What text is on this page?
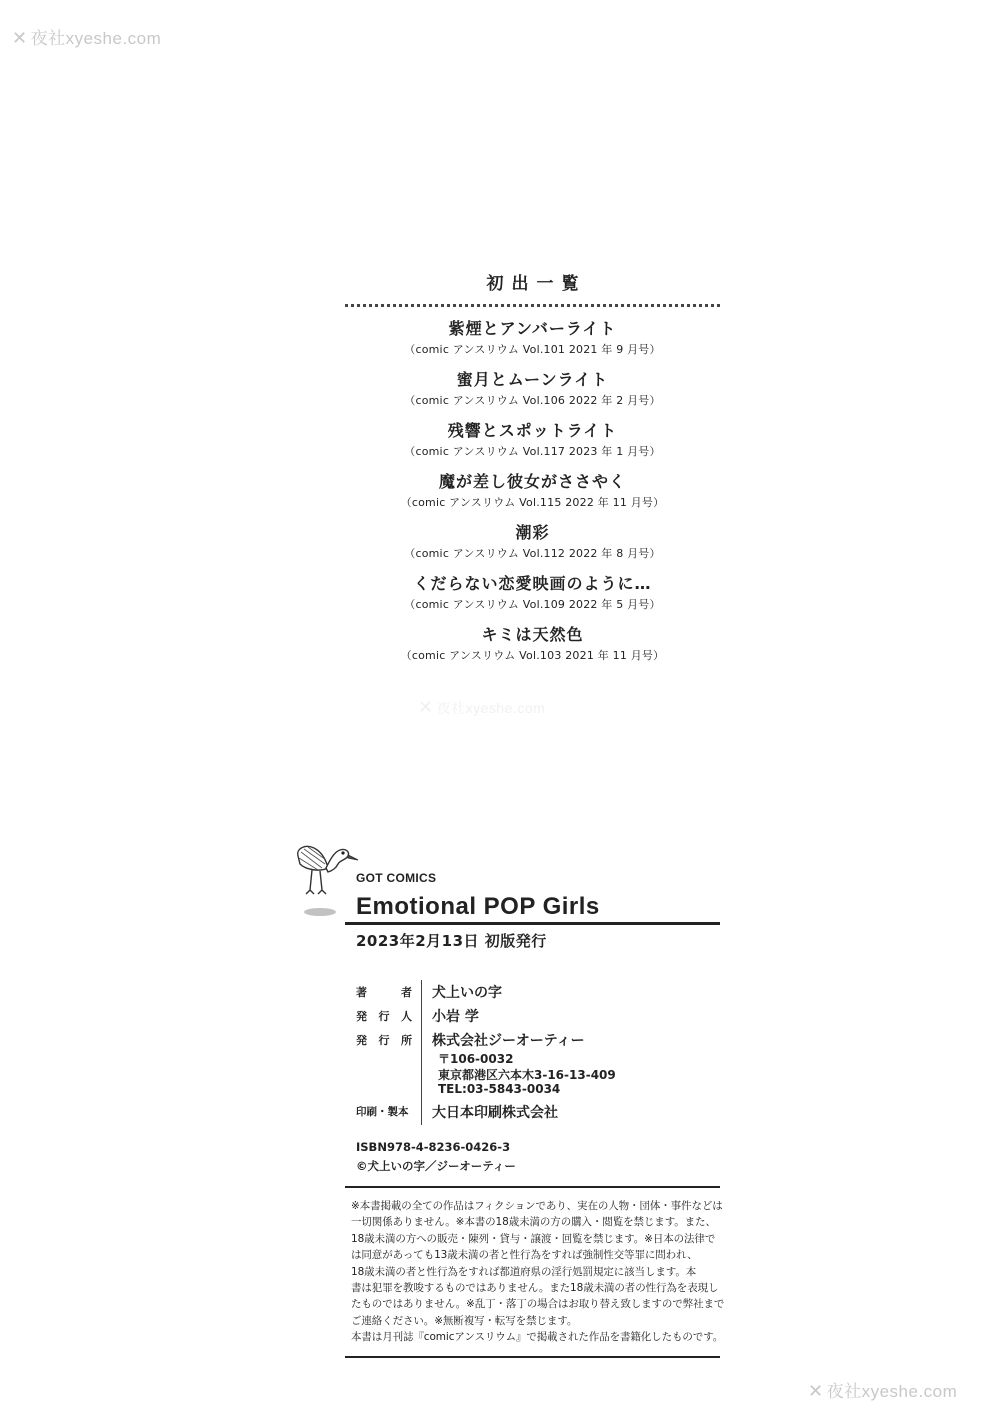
✕ 夜社xyeshe.com
✕ 夜社xyeshe.com
✕ 夜社xyeshe.com
初出一覧
紫煙とアンバーライト
（comic アンスリウム Vol.101 2021 年 9 月号）
蜜月とムーンライト
（comic アンスリウム Vol.106 2022 年 2 月号）
残響とスポットライト
（comic アンスリウム Vol.117 2023 年 1 月号）
魔が差し彼女がささやく
（comic アンスリウム Vol.115 2022 年 11 月号）
潮彩
（comic アンスリウム Vol.112 2022 年 8 月号）
くだらない恋愛映画のように…
（comic アンスリウム Vol.109 2022 年 5 月号）
キミは天然色
（comic アンスリウム Vol.103 2021 年 11 月号）
GOT COMICS
Emotional POP Girls
2023年2月13日 初版発行
著者 犬上いの字
発行人 小岩 学
発行所 株式会社ジーオーティー
〒106-0032
東京都港区六本木3-16-13-409
TEL:03-5843-0034
印刷・製本 大日本印刷株式会社
ISBN978-4-8236-0426-3
©犬上いの字／ジーオーティー

※本書掲載の全ての作品はフィクションであり、実在の人物・団体・事件などは

一切関係ありません。※本書の18歳未満の方の購入・閲覧を禁じます。また、

18歳未満の方への販売・陳列・貸与・譲渡・回覧を禁じます。※日本の法律で

は同意があっても13歳未満の者と性行為をすれば強制性交等罪に問われ、

18歳未満の者と性行為をすれば都道府県の淫行処罰規定に該当します。本

書は犯罪を教唆するものではありません。また18歳未満の者の性行為を表現し

たものではありません。※乱丁・落丁の場合はお取り替え致しますので弊社まで

ご連絡ください。※無断複写・転写を禁じます。

本書は月刊誌『comicアンスリウム』で掲載された作品を書籍化したものです。
